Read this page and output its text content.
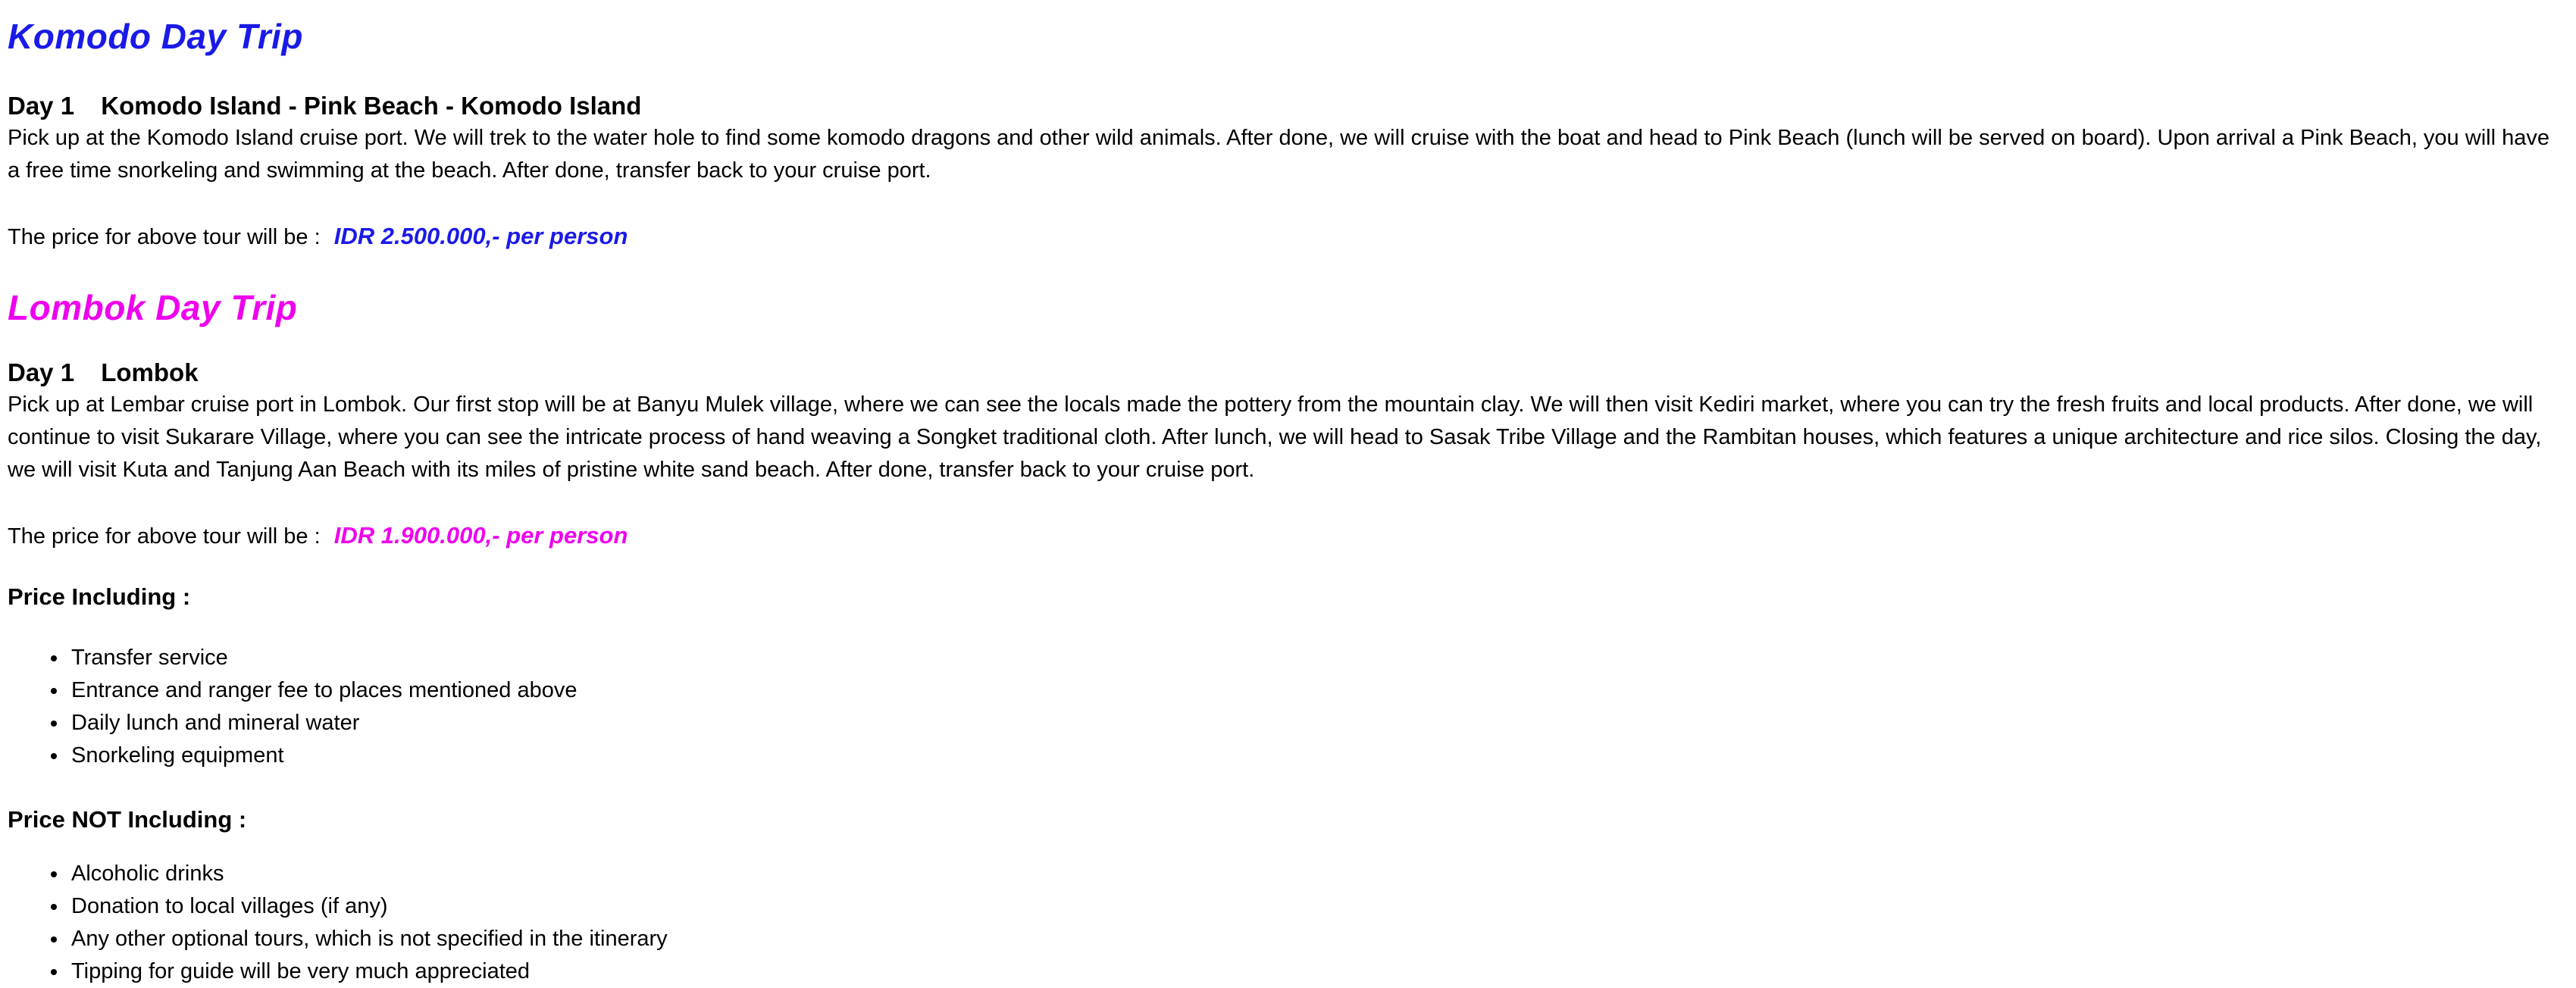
Komodo Day Trip

Day 1 Komodo Island - Pink Beach - Komodo Island

Pick up at the Komodo Island cruise port. We will trek to the water hole to find some komodo dragons and other wild animals. After done, we will cruise with the boat and head to Pink Beach (lunch will be served on board). Upon arrival a Pink Beach, you will have a free time snorkeling and swimming at the beach. After done, transfer back to your cruise port.

The price for above tour will be : IDR 2.500.000,- per person

Lombok Day Trip

Day 1 Lombok

Pick up at Lembar cruise port in Lombok. Our first stop will be at Banyu Mulek village, where we can see the locals made the pottery from the mountain clay. We will then visit Kediri market, where you can try the fresh fruits and local products. After done, we will continue to visit Sukarare Village, where you can see the intricate process of hand weaving a Songket traditional cloth. After lunch, we will head to Sasak Tribe Village and the Rambitan houses, which features a unique architecture and rice silos. Closing the day, we will visit Kuta and Tanjung Aan Beach with its miles of pristine white sand beach. After done, transfer back to your cruise port.

The price for above tour will be : IDR 1.900.000,- per person

Price Including :

• Transfer service
• Entrance and ranger fee to places mentioned above
• Daily lunch and mineral water
• Snorkeling equipment

Price NOT Including :

• Alcoholic drinks
• Donation to local villages (if any)
• Any other optional tours, which is not specified in the itinerary
• Tipping for guide will be very much appreciated
